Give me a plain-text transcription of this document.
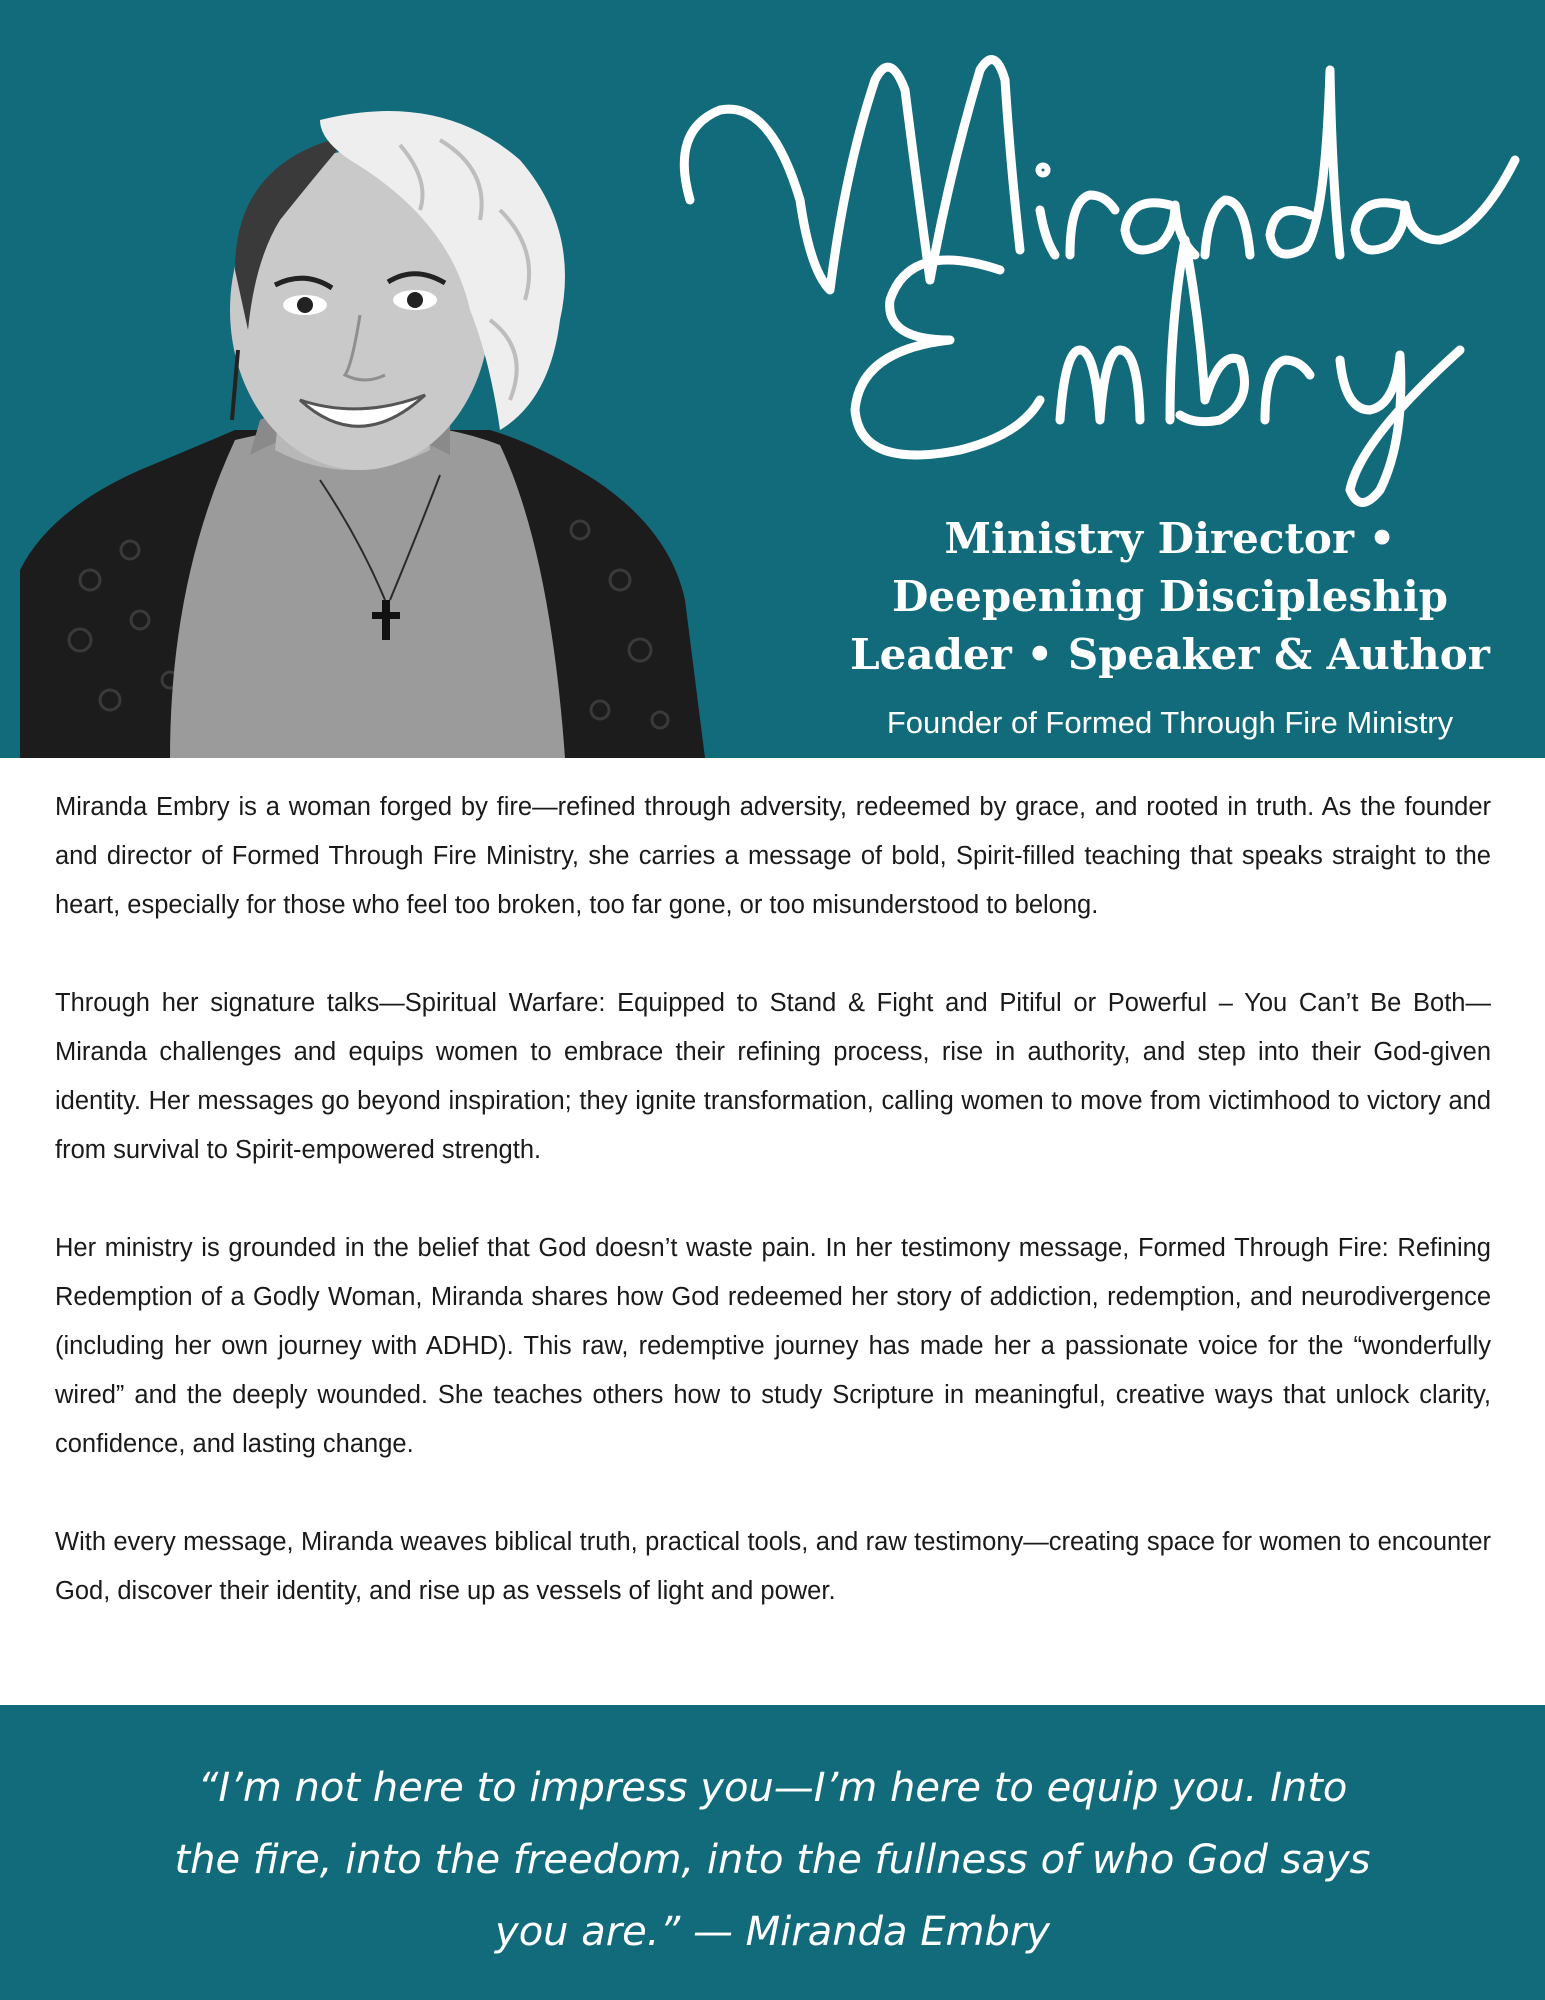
Ministry Director • Deepening Discipleship Leader • Speaker & Author
Founder of Formed Through Fire Ministry

Miranda Embry is a woman forged by fire—refined through adversity, redeemed by grace, and rooted in truth. As the founder and director of Formed Through Fire Ministry, she carries a message of bold, Spirit-filled teaching that speaks straight to the heart, especially for those who feel too broken, too far gone, or too misunderstood to belong.

Through her signature talks—Spiritual Warfare: Equipped to Stand & Fight and Pitiful or Powerful – You Can’t Be Both—Miranda challenges and equips women to embrace their refining process, rise in authority, and step into their God-given identity. Her messages go beyond inspiration; they ignite transformation, calling women to move from victimhood to victory and from survival to Spirit-empowered strength.

Her ministry is grounded in the belief that God doesn’t waste pain. In her testimony message, Formed Through Fire: Refining Redemption of a Godly Woman, Miranda shares how God redeemed her story of addiction, redemption, and neurodivergence (including her own journey with ADHD). This raw, redemptive journey has made her a passionate voice for the “wonderfully wired” and the deeply wounded. She teaches others how to study Scripture in meaningful, creative ways that unlock clarity, confidence, and lasting change.

With every message, Miranda weaves biblical truth, practical tools, and raw testimony—creating space for women to encounter God, discover their identity, and rise up as vessels of light and power.

“I’m not here to impress you—I’m here to equip you. Into the fire, into the freedom, into the fullness of who God says you are.” — Miranda Embry
